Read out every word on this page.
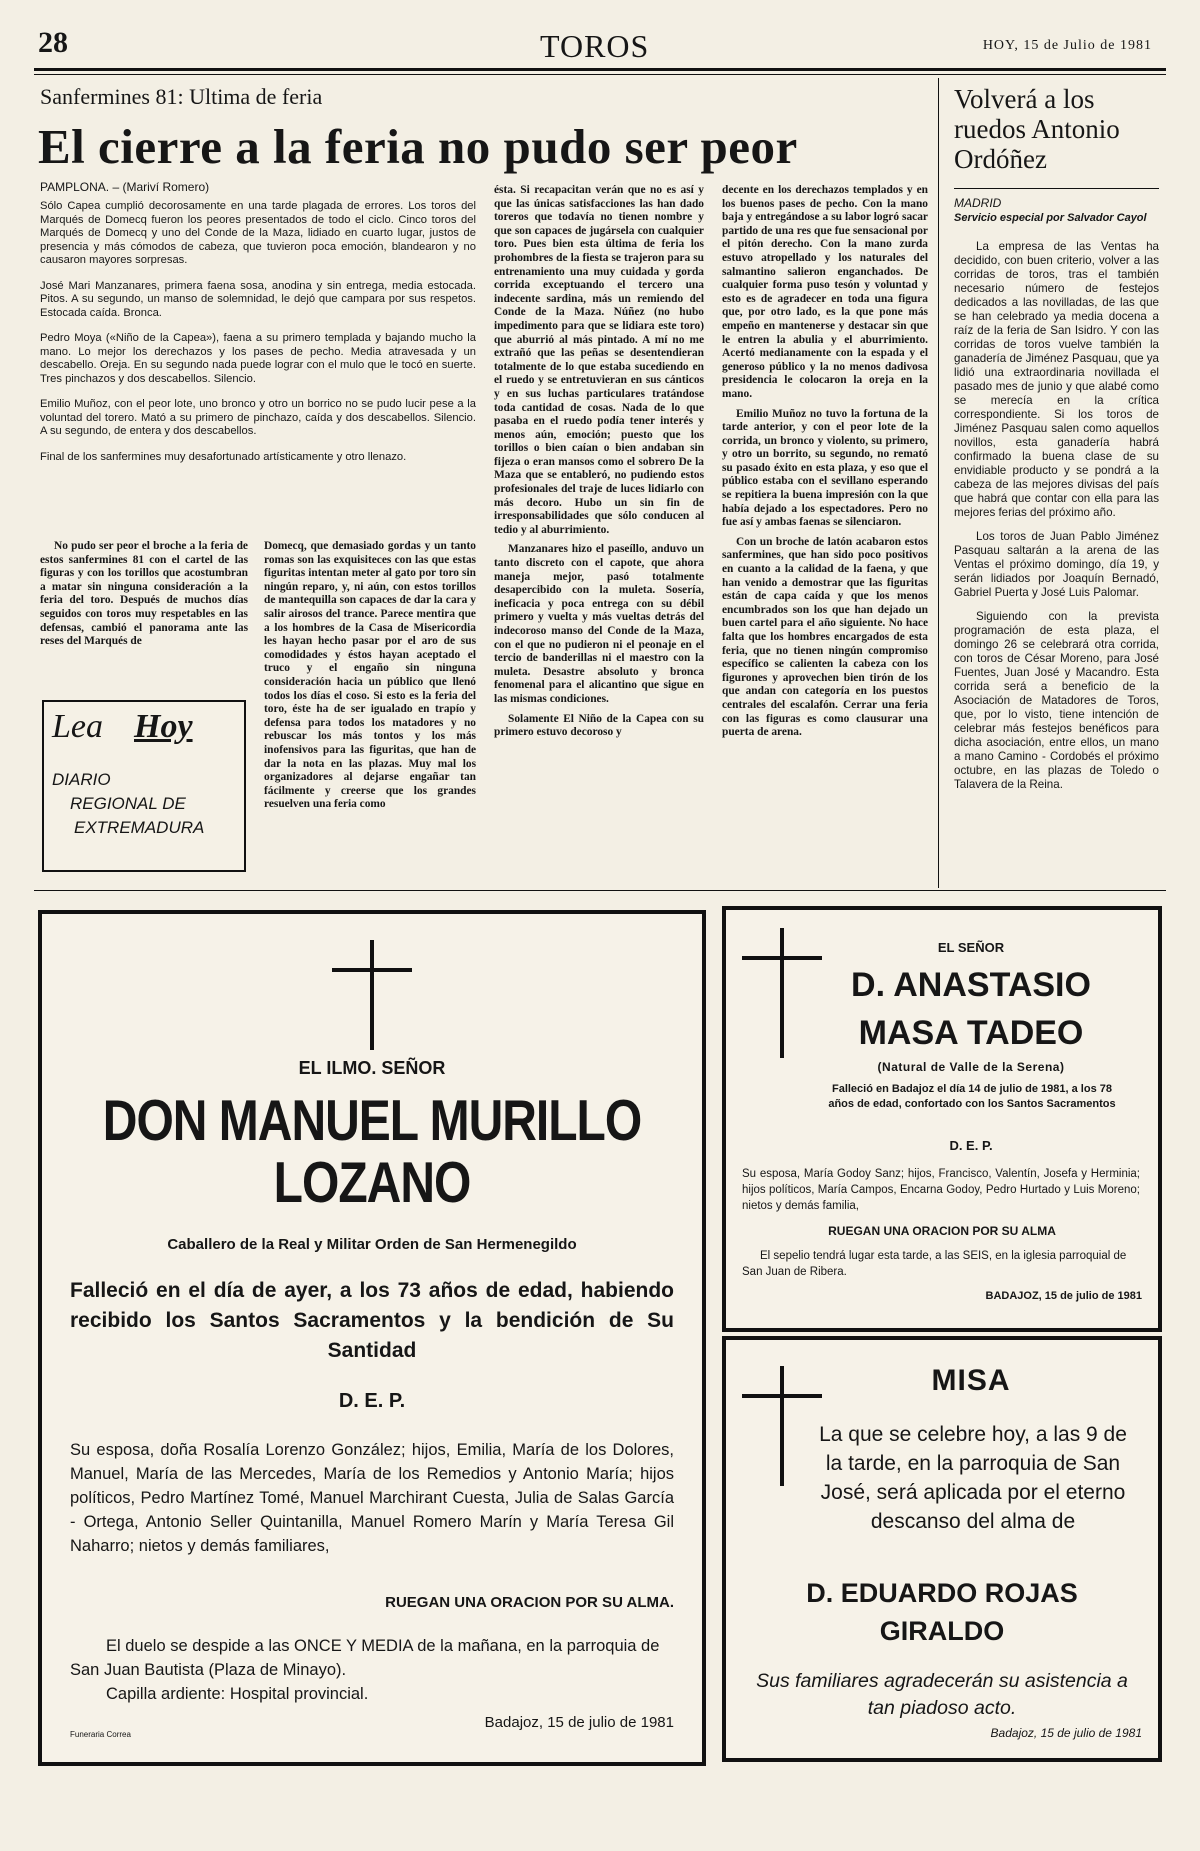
28	TOROS	HOY, 15 de Julio de 1981
Sanfermines 81: Ultima de feria
El cierre a la feria no pudo ser peor
PAMPLONA. – (Mariví Romero)

Sólo Capea cumplió decorosamente en una tarde plagada de errores. Los toros del Marqués de Domecq fueron los peores presentados de todo el ciclo. Cinco toros del Marqués de Domecq y uno del Conde de la Maza, lidiado en cuarto lugar, justos de presencia y más cómodos de cabeza, que tuvieron poca emoción, blandearon y no causaron mayores sorpresas.

José Mari Manzanares, primera faena sosa, anodina y sin entrega, media estocada. Pitos. A su segundo, un manso de solemnidad, le dejó que campara por sus respetos. Estocada caída. Bronca.

Pedro Moya («Niño de la Capea»), faena a su primero templada y bajando mucho la mano. Lo mejor los derechazos y los pases de pecho. Media atravesada y un descabello. Oreja. En su segundo nada puede lograr con el mulo que le tocó en suerte. Tres pinchazos y dos descabellos. Silencio.

Emilio Muñoz, con el peor lote, uno bronco y otro un borrico no se pudo lucir pese a la voluntad del torero. Mató a su primero de pinchazo, caída y dos descabellos. Silencio. A su segundo, de entera y dos descabellos.

Final de los sanfermines muy desafortunado artísticamente y otro llenazo.

No pudo ser peor el broche a la feria de estos sanfermines 81 con el cartel de las figuras y con los torillos que acostumbran a matar sin ninguna consideración a la feria del toro. Después de muchos días seguidos con toros muy respetables en las defensas, cambió el panorama ante las reses del Marqués de

Domecq, que demasiado gordas y un tanto romas son las exquisiteces con las que estas figuritas intentan meter al gato por toro sin ningún reparo, y, ni aún, con estos torillos de mantequilla son capaces de dar la cara y salir airosos del trance. Parece mentira que a los hombres de la Casa de Misericordia les hayan hecho pasar por el aro de sus comodidades y éstos hayan aceptado el truco y el engaño sin ninguna consideración hacia un público que llenó todos los días el coso. Si esto es la feria del toro, éste ha de ser igualado en trapío y defensa para todos los matadores y no rebuscar los más tontos y los más inofensivos para las figuritas, que han de dar la nota en las plazas. Muy mal los organizadores al dejarse engañar tan fácilmente y creerse que los grandes resuelven una feria como

ésta. Si recapacitan verán que no es así y que las únicas satisfacciones las han dado toreros que todavía no tienen nombre y que son capaces de jugársela con cualquier toro. Pues bien esta última de feria los prohombres de la fiesta se trajeron para su entrenamiento una muy cuidada y gorda corrida exceptuando el tercero una indecente sardina, más un remiendo del Conde de la Maza. Núñez (no hubo impedimento para que se lidiara este toro) que aburrió al más pintado. A mí no me extrañó que las peñas se desentendieran totalmente de lo que estaba sucediendo en el ruedo y se entretuvieran en sus cánticos y en sus luchas particulares tratándose toda cantidad de cosas. Nada de lo que pasaba en el ruedo podía tener interés y menos aún, emoción; puesto que los torillos o bien caían o bien andaban sin fijeza o eran mansos como el sobrero De la Maza que se entableró, no pudiendo estos profesionales del traje de luces lidiarlo con más decoro. Hubo un sin fin de irresponsabilidades que sólo conducen al tedio y al aburrimiento.

Manzanares hizo el paseíllo, anduvo un tanto discreto con el capote, que ahora maneja mejor, pasó totalmente desapercibido con la muleta. Sosería, ineficacia y poca entrega con su débil primero y vuelta y más vueltas detrás del indecoroso manso del Conde de la Maza, con el que no pudieron ni el peonaje en el tercio de banderillas ni el maestro con la muleta. Desastre absoluto y bronca fenomenal para el alicantino que sigue en las mismas condiciones.

Solamente El Niño de la Capea con su primero estuvo decoroso y

decente en los derechazos templados y en los buenos pases de pecho. Con la mano baja y entregándose a su labor logró sacar partido de una res que fue sensacional por el pitón derecho. Con la mano zurda estuvo atropellado y los naturales del salmantino salieron enganchados. De cualquier forma puso tesón y voluntad y esto es de agradecer en toda una figura que, por otro lado, es la que pone más empeño en mantenerse y destacar sin que le entren la abulia y el aburrimiento. Acertó medianamente con la espada y el generoso público y la no menos dadivosa presidencia le colocaron la oreja en la mano.

Emilio Muñoz no tuvo la fortuna de la tarde anterior, y con el peor lote de la corrida, un bronco y violento, su primero, y otro un borrito, su segundo, no remató su pasado éxito en esta plaza, y eso que el público estaba con el sevillano esperando se repitiera la buena impresión con la que había dejado a los espectadores. Pero no fue así y ambas faenas se silenciaron.

Con un broche de latón acabaron estos sanfermines, que han sido poco positivos en cuanto a la calidad de la faena, y que han venido a demostrar que las figuritas están de capa caída y que los menos encumbrados son los que han dejado un buen cartel para el año siguiente. No hace falta que los hombres encargados de esta feria, que no tienen ningún compromiso específico se calienten la cabeza con los figurones y aprovechen bien tirón de los que andan con categoría en los puestos centrales del escalafón. Cerrar una feria con las figuras es como clausurar una puerta de arena.

Lea Hoy
DIARIO
REGIONAL DE
EXTREMADURA
Volverá a los ruedos Antonio Ordóñez
MADRID
Servicio especial por Salvador Cayol

La empresa de las Ventas ha decidido, con buen criterio, volver a las corridas de toros, tras el también necesario número de festejos dedicados a las novilladas, de las que se han celebrado ya media docena a raíz de la feria de San Isidro. Y con las corridas de toros vuelve también la ganadería de Jiménez Pasquau, que ya lidió una extraordinaria novillada el pasado mes de junio y que alabé como se merecía en la crítica correspondiente. Si los toros de Jiménez Pasquau salen como aquellos novillos, esta ganadería habrá confirmado la buena clase de su envidiable producto y se pondrá a la cabeza de las mejores divisas del país que habrá que contar con ella para las mejores ferias del próximo año.

Los toros de Juan Pablo Jiménez Pasquau saltarán a la arena de las Ventas el próximo domingo, día 19, y serán lidiados por Joaquín Bernadó, Gabriel Puerta y José Luis Palomar.

Siguiendo con la prevista programación de esta plaza, el domingo 26 se celebrará otra corrida, con toros de César Moreno, para José Fuentes, Juan José y Macandro. Esta corrida será a beneficio de la Asociación de Matadores de Toros, que, por lo visto, tiene intención de celebrar más festejos benéficos para dicha asociación, entre ellos, un mano a mano Camino - Cordobés el próximo octubre, en las plazas de Toledo o Talavera de la Reina.

EL ILMO. SEÑOR
DON MANUEL MURILLO
LOZANO
Caballero de la Real y Militar Orden de San Hermenegildo
Falleció en el día de ayer, a los 73 años de edad, habiendo recibido los Santos Sacramentos y la bendición de Su Santidad
D. E. P.
Su esposa, doña Rosalía Lorenzo González; hijos, Emilia, María de los Dolores, Manuel, María de las Mercedes, María de los Remedios y Antonio María; hijos políticos, Pedro Martínez Tomé, Manuel Marchirant Cuesta, Julia de Salas García - Ortega, Antonio Seller Quintanilla, Manuel Romero Marín y María Teresa Gil Naharro; nietos y demás familiares,
RUEGAN UNA ORACION POR SU ALMA.
El duelo se despide a las ONCE Y MEDIA de la mañana, en la parroquia de San Juan Bautista (Plaza de Minayo).
Capilla ardiente: Hospital provincial.
Funeraria Correa
Badajoz, 15 de julio de 1981
EL SEÑOR
D. ANASTASIO
MASA TADEO
(Natural de Valle de la Serena)
Falleció en Badajoz el día 14 de julio de 1981, a los 78 años de edad, confortado con los Santos Sacramentos
D. E. P.
Su esposa, María Godoy Sanz; hijos, Francisco, Valentín, Josefa y Herminia; hijos políticos, María Campos, Encarna Godoy, Pedro Hurtado y Luis Moreno; nietos y demás familia,
RUEGAN UNA ORACION POR SU ALMA
El sepelio tendrá lugar esta tarde, a las SEIS, en la iglesia parroquial de San Juan de Ribera.
BADAJOZ, 15 de julio de 1981
MISA
La que se celebre hoy, a las 9 de la tarde, en la parroquia de San José, será aplicada por el eterno descanso del alma de
D. EDUARDO ROJAS
GIRALDO
Sus familiares agradecerán su asistencia a tan piadoso acto.
Badajoz, 15 de julio de 1981
